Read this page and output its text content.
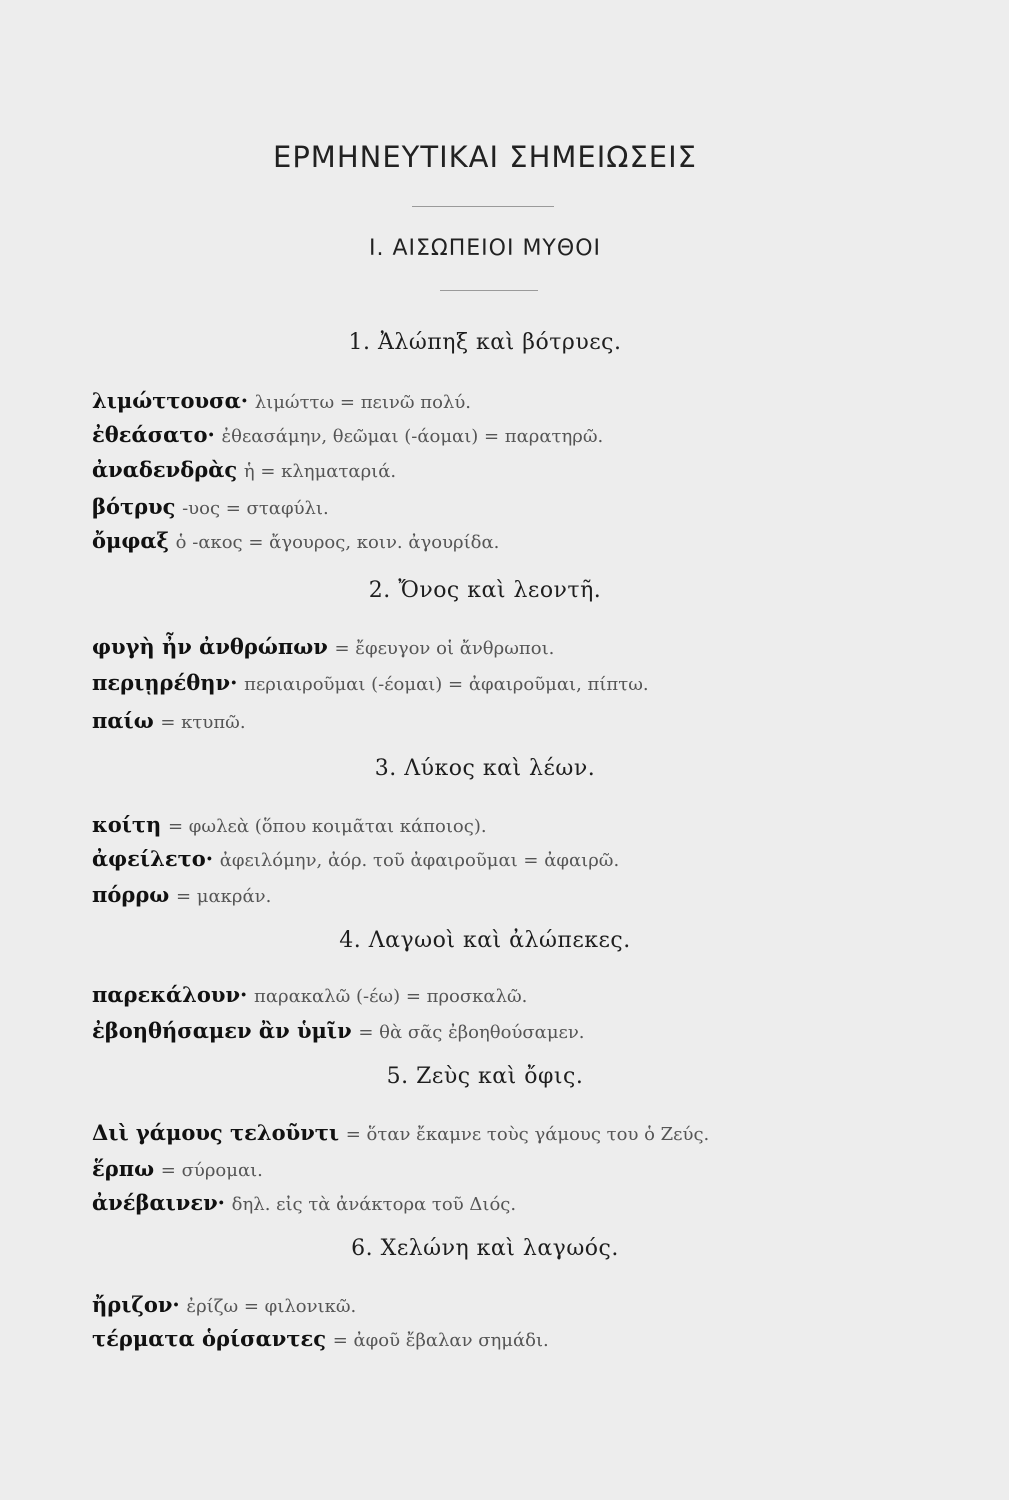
ΕΡΜΗΝΕΥΤΙΚΑΙ ΣΗΜΕΙΩΣΕΙΣ
Ι. ΑΙΣΩΠΕΙΟΙ ΜΥΘΟΙ
1. Ἀλώπηξ καὶ βότρυες.
λιμώττουσα· λιμώττω = πεινῶ πολύ.
ἐθεάσατο· ἐθεασάμην, θεῶμαι (-άομαι) = παρατηρῶ.
ἀναδενδρὰς ἡ = κληματαριά.
βότρυς -υος = σταφύλι.
ὄμφαξ ὁ -ακος = ἄγουρος, κοιν. ἀγουρίδα.
2. Ὄνος καὶ λεοντῆ.
φυγὴ ἦν ἀνθρώπων = ἔφευγον οἱ ἄνθρωποι.
περιῃρέθην· περιαιροῦμαι (-έομαι) = ἀφαιροῦμαι, πίπτω.
παίω = κτυπῶ.
3. Λύκος καὶ λέων.
κοίτη = φωλεὰ (ὅπου κοιμᾶται κάποιος).
ἀφείλετο· ἀφειλόμην, ἀόρ. τοῦ ἀφαιροῦμαι = ἀφαιρῶ.
πόρρω = μακράν.
4. Λαγωοὶ καὶ ἀλώπεκες.
παρεκάλουν· παρακαλῶ (-έω) = προσκαλῶ.
ἐβοηθήσαμεν ἂν ὑμῖν = θὰ σᾶς ἐβοηθούσαμεν.
5. Ζεὺς καὶ ὄφις.
Διὶ γάμους τελοῦντι = ὅταν ἔκαμνε τοὺς γάμους του ὁ Ζεύς.
ἕρπω = σύρομαι.
ἀνέβαινεν· δηλ. εἰς τὰ ἀνάκτορα τοῦ Διός.
6. Χελώνη καὶ λαγωός.
ἤριζον· ἐρίζω = φιλονικῶ.
τέρματα ὁρίσαντες = ἀφοῦ ἔβαλαν σημάδι.
